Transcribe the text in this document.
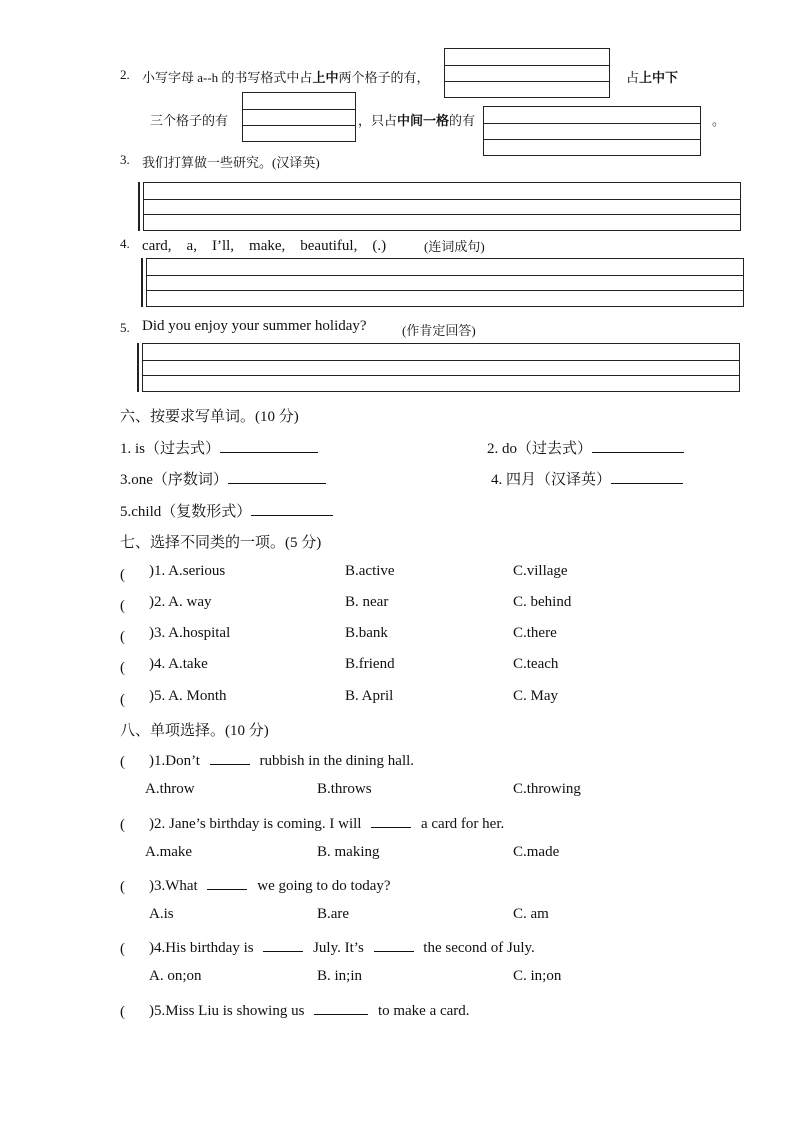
2. 小写字母 a--h 的书写格式中占上中两个格子的有，	占上中下
三个格子的有	，只占中间一格的有	。
3. 我们打算做一些研究。(汉译英)
4. card,　a,　I’ll,　make,　beautiful,　(.)	(连词成句)
5. Did you enjoy your summer holiday?	(作肯定回答)
六、按要求写单词。(10 分)
1. is（过去式）	2. do（过去式）
3.one（序数词）	4. 四月（汉译英）
5.child（复数形式）
七、选择不同类的一项。(5 分)
(　 )1. A.serious	B.active	C.village
(　 )2. A. way	B. near	C. behind
(　 )3. A.hospital	B.bank	C.there
(　 )4. A.take	B.friend	C.teach
(　 )5. A. Month	B. April	C. May
八、单项选择。(10 分)
(　 )1.Don’t	rubbish in the dining hall.
A.throw	B.throws	C.throwing
(　 )2. Jane’s birthday is coming. I will	a card for her.
A.make	B. making	C.made
(　 )3.What	we going to do today?
A.is	B.are	C. am
(　 )4.His birthday is	July. It’s	the second of July.
A. on;on	B. in;in	C. in;on
(　 )5.Miss Liu is showing us	to make a card.
